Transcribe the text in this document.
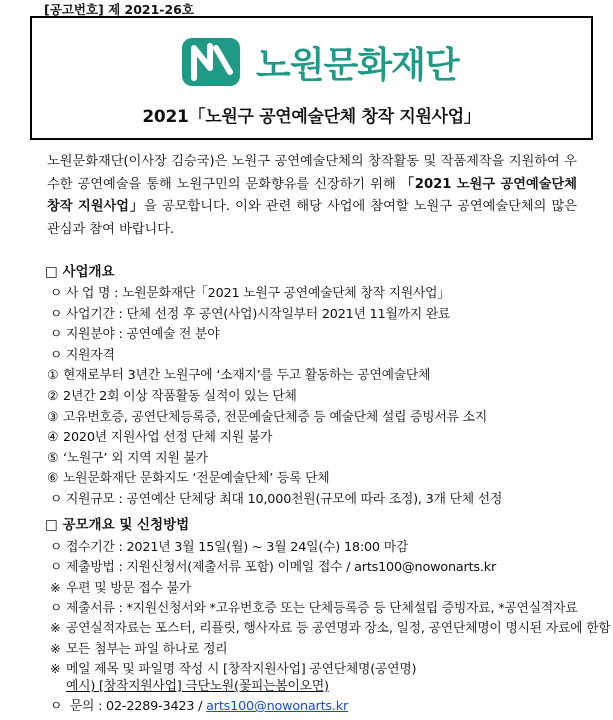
[공고번호] 제 2021-26호
노원문화재단
2021「노원구 공연예술단체 창작 지원사업」
노원문화재단(이사장 김승국)은 노원구 공연예술단체의 창작활동 및 작품제작을 지원하여 우수한 공연예술을 통해 노원구민의 문화향유를 신장하기 위해 「2021 노원구 공연예술단체 창작 지원사업」을 공모합니다. 이와 관련 해당 사업에 참여할 노원구 공연예술단체의 많은 관심과 참여 바랍니다.
□ 사업개요
ㅇ 사 업 명 : 노원문화재단「2021 노원구 공연예술단체 창작 지원사업」
ㅇ 사업기간 : 단체 선정 후 공연(사업)시작일부터 2021년 11월까지 완료
ㅇ 지원분야 : 공연예술 전 분야
ㅇ 지원자격
① 현재로부터 3년간 노원구에 ‘소재지’를 두고 활동하는 공연예술단체
② 2년간 2회 이상 작품활동 실적이 있는 단체
③ 고유번호증, 공연단체등록증, 전문예술단체증 등 예술단체 설립 증빙서류 소지
④ 2020년 지원사업 선정 단체 지원 불가
⑤ ‘노원구’ 외 지역 지원 불가
⑥ 노원문화재단 문화지도 ‘전문예술단체’ 등록 단체
ㅇ 지원규모 : 공연예산 단체당 최대 10,000천원(규모에 따라 조정), 3개 단체 선정
□ 공모개요 및 신청방법
ㅇ 접수기간 : 2021년 3월 15일(월) ~ 3월 24일(수) 18:00 마감
ㅇ 제출방법 : 지원신청서(제출서류 포함) 이메일 접수 / arts100@nowonarts.kr
※ 우편 및 방문 접수 불가
ㅇ 제출서류 : *지원신청서와 *고유번호증 또는 단체등록증 등 단체설립 증빙자료, *공연실적자료
※ 공연실적자료는 포스터, 리플릿, 행사자료 등 공연명과 장소, 일정, 공연단체명이 명시된 자료에 한함
※ 모든 첨부는 파일 하나로 정리
※ 메일 제목 및 파일명 작성 시 [창작지원사업] 공연단체명(공연명)
예시) [창작지원사업] 극단노원(꽃피는봄이오면)
ㅇ 문의 : 02-2289-3423 / arts100@nowonarts.kr
